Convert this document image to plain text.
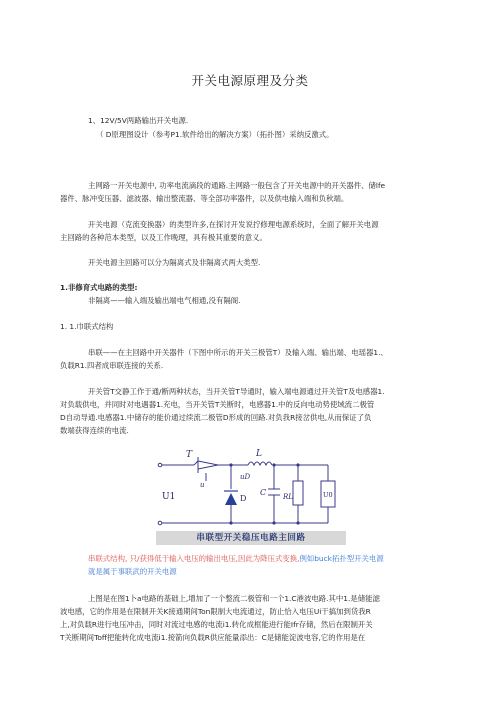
开关电源原理及分类
1、12V/5V两路输出开关电源.
（ D原理图设计（参考P1.软件给出的解决方案）（拓扑图）采纳反激式。
主网路一开关电源中, 功率电流滴段的通路.主网路一般包含了开关电源中的开关器件、储lfe
器件、脉冲变压器、滤波器、输出整流器、等全部功率器件，以及供电输入端和负秋端。
开关电源（克流变换器）的类型许多,在探讨开发说拧修理电源系统时，全面了解开关电源
主回路的各种范本类型，以及工作晚理，具有极其重要的意义。
开关电源主回路可以分为隔离式及非隔离式两大类型.
1.非修育式电路的类型:
非隔离——输入端及输出端电气相通,没有隔阁.
1. 1.巾联式结构
串联——在主回路中开关器件（下图中所示的开关三极管T）及输入端、输出端、电瑶器1.、
负载R1.四者成串联连接的关系.
开关管T交静工作于通/断两种状态，当开关管T导通时，输入端电源通过开关管T及电感器1.
对负载供电，并同时对电遇器1.充电，当开关管T关断时，电感器1.中的反向电动势使域流二极管
D自动导通.电感器1.中储存的能价通过续流二极管D形成的回路.对负我R接岔供电,从而保证了负
数端获得连续的电流.
T	L
u
uD
D
C RL	U0
U1
串联型开关稳压电路主回路
串联式结构, 只/获得低于输入电压的输出电压,因此为降压式变换,例如buck拓扑型开关电源
就是属于事联武的开关电源
上图是在图1卜a电路的基础上,增加了一个整流二极管和一个1.C港波电路.其中1.是储能滤
波电感，它的作用是在限制开关K接通期间Ton限制大电流通过，防止恰入电压Ui干搞加到货我R
上,对负载R进行电压冲击，同时对流过电感的电流i1.转化成框能进行能Ifr存储，然后在限制开关
T关断期间Toff把能转化成电流i1.接箭向负载R供应能量添出：C是储能淀波电容,它的作用是在
